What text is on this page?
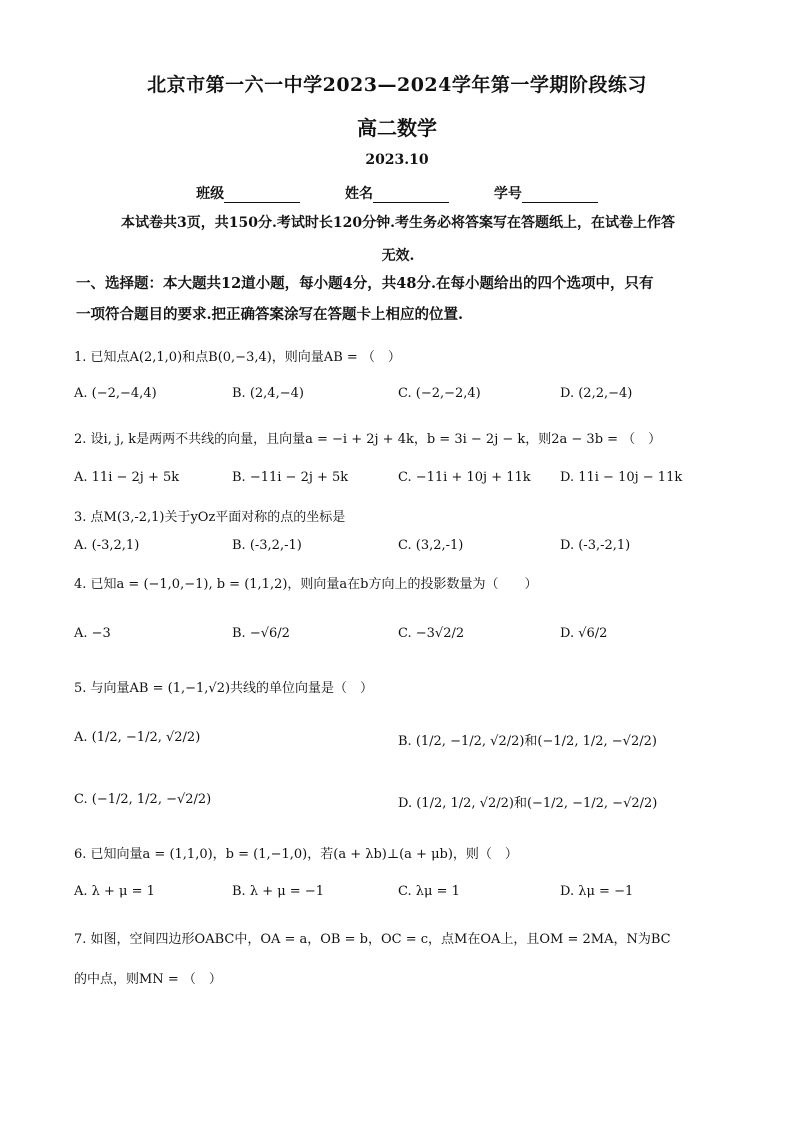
北京市第一六一中学2023—2024学年第一学期阶段练习
高二数学
2023.10
班级	姓名	学号
本试卷共3页，共150分.考试时长120分钟.考生务必将答案写在答题纸上，在试卷上作答
无效.
一、选择题：本大题共12道小题，每小题4分，共48分.在每小题给出的四个选项中，只有
一项符合题目的要求.把正确答案涂写在答题卡上相应的位置.
1. 已知点A(2,1,0)和点B(0,−3,4)，则向量AB = （　）
A. (−2,−4,4)	B. (2,4,−4)	C. (−2,−2,4)	D. (2,2,−4)
2. 设i, j, k是两两不共线的向量，且向量a = −i + 2j + 4k，b = 3i − 2j − k，则2a − 3b = （　）
A. 11i − 2j + 5k	B. −11i − 2j + 5k	C. −11i + 10j + 11k D. 11i − 10j − 11k
3. 点M(3,-2,1)关于yOz平面对称的点的坐标是
A. (-3,2,1)	B. (-3,2,-1)	C. (3,2,-1)	D. (-3,-2,1)
4. 已知a = (−1,0,−1), b = (1,1,2)，则向量a在b方向上的投影数量为（　　）
A. −3	B. −√6/2	C. −3√2/2	D. √6/2
5. 与向量AB = (1,−1,√2)共线的单位向量是（　）
A. (1/2, −1/2, √2/2)	B. (1/2, −1/2, √2/2)和(−1/2, 1/2, −√2/2)
C. (−1/2, 1/2, −√2/2)	D. (1/2, 1/2, √2/2)和(−1/2, −1/2, −√2/2)
6. 已知向量a = (1,1,0)，b = (1,−1,0)，若(a + λb)⊥(a + μb)，则（　）
A. λ + μ = 1	B. λ + μ = −1	C. λμ = 1	D. λμ = −1
7. 如图，空间四边形OABC中，OA = a，OB = b，OC = c，点M在OA上，且OM = 2MA，N为BC
的中点，则MN = （　）
